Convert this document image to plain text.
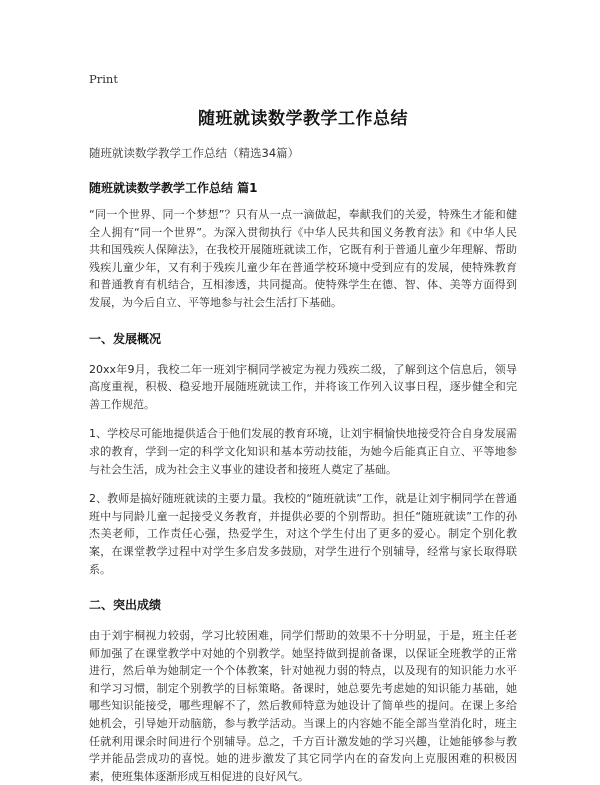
Print
随班就读数学教学工作总结
随班就读数学教学工作总结（精选34篇）
随班就读数学教学工作总结 篇1

“同一个世界、同一个梦想”？只有从一点一滴做起，奉献我们的关爱，特殊生才能和健全人拥有“同一个世界”。为深入贯彻执行《中华人民共和国义务教育法》和《中华人民共和国残疾人保障法》，在我校开展随班就读工作，它既有利于普通儿童少年理解、帮助残疾儿童少年，又有利于残疾儿童少年在普通学校环境中受到应有的发展，使特殊教育和普通教育有机结合，互相渗透，共同提高。使特殊学生在德、智、体、美等方面得到发展，为今后自立、平等地参与社会生活打下基础。

一、发展概况

20xx年9月，我校二年一班刘宇桐同学被定为视力残疾二级，了解到这个信息后，领导高度重视，积极、稳妥地开展随班就读工作，并将该工作列入议事日程，逐步健全和完善工作规范。

1、学校尽可能地提供适合于他们发展的教育环境，让刘宇桐愉快地接受符合自身发展需求的教育，学到一定的科学文化知识和基本劳动技能，为她今后能真正自立、平等地参与社会生活，成为社会主义事业的建设者和接班人奠定了基础。

2、教师是搞好随班就读的主要力量。我校的“随班就读”工作，就是让刘宇桐同学在普通班中与同龄儿童一起接受义务教育，并提供必要的个别帮助。担任“随班就读”工作的孙杰美老师，工作责任心强，热爱学生，对这个学生付出了更多的爱心。制定个别化教案，在课堂教学过程中对学生多启发多鼓励，对学生进行个别辅导，经常与家长取得联系。

二、突出成绩

由于刘宇桐视力较弱，学习比较困难，同学们帮助的效果不十分明显，于是，班主任老师加强了在课堂教学中对她的个别教学。她坚持做到提前备课，以保证全班教学的正常进行，然后单为她制定一个个体教案，针对她视力弱的特点，以及现有的知识能力水平和学习习惯，制定个别教学的目标策略。备课时，她总要先考虑她的知识能力基础，她哪些知识能接受，哪些理解不了，然后教师特意为她设计了简单些的提问。在课上多给她机会，引导她开动脑筋，参与教学活动。当课上的内容她不能全部当堂消化时，班主任就利用课余时间进行个别辅导。总之，千方百计激发她的学习兴趣，让她能够参与教学并能品尝成功的喜悦。她的进步激发了其它同学内在的奋发向上克服困难的积极因素，使班集体逐渐形成互相促进的良好风气。
